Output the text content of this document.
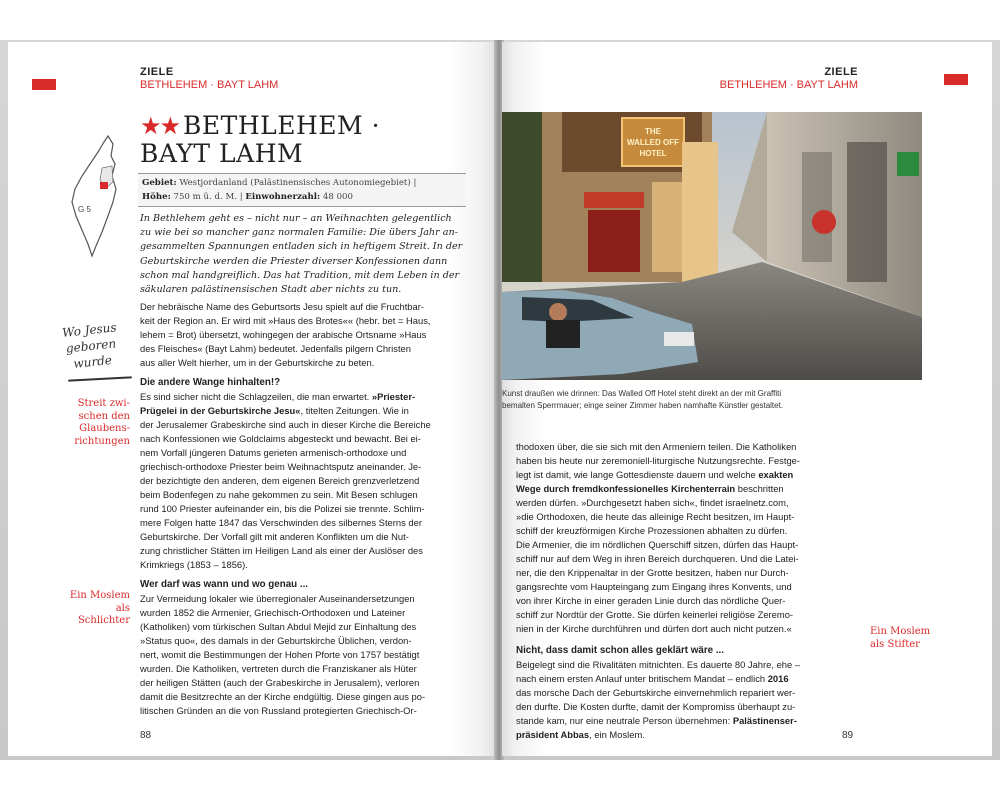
ZIELE
BETHLEHEM · BAYT LAHM
G 5
★★ BETHLEHEM ·
BAYT LAHM
Gebiet: Westjordanland (Palästinensisches Autonomiegebiet) |
Höhe: 750 m ü. d. M. | Einwohnerzahl: 48 000
In Bethlehem geht es – nicht nur – an Weihnachten gelegentlich
zu wie bei so mancher ganz normalen Familie: Die übers Jahr an-
gesammelten Spannungen entladen sich in heftigem Streit. In der
Geburtskirche werden die Priester diverser Konfessionen dann
schon mal handgreiflich. Das hat Tradition, mit dem Leben in der
säkularen palästinensischen Stadt aber nichts zu tun.
Wo Jesus
geboren
wurde

Der hebräische Name des Geburtsorts Jesu spielt auf die Fruchtbar-
keit der Region an. Er wird mit »Haus des Brotes«« (hebr. bet = Haus,
lehem = Brot) übersetzt, wohingegen der arabische Ortsname »Haus
des Fleisches« (Bayt Lahm) bedeutet. Jedenfalls pilgern Christen
aus aller Welt hierher, um in der Geburtskirche zu beten.

Die andere Wange hinhalten!?

Es sind sicher nicht die Schlagzeilen, die man erwartet. »Priester-
Prügelei in der Geburtskirche Jesu«, titelten Zeitungen. Wie in
der Jerusalemer Grabeskirche sind auch in dieser Kirche die Bereiche
nach Konfessionen wie Goldclaims abgesteckt und bewacht. Bei ei-
nem Vorfall jüngeren Datums gerieten armenisch-orthodoxe und
griechisch-orthodoxe Priester beim Weihnachtsputz aneinander. Je-
der bezichtigte den anderen, dem eigenen Bereich grenzverletzend
beim Bodenfegen zu nahe gekommen zu sein. Mit Besen schlugen
rund 100 Priester aufeinander ein, bis die Polizei sie trennte. Schlim-
mere Folgen hatte 1847 das Verschwinden des silbernes Sterns der
Geburtskirche. Der Vorfall gilt mit anderen Konflikten um die Nut-
zung christlicher Stätten im Heiligen Land als einer der Auslöser des
Krimkriegs (1853 – 1856).

Wer darf was wann und wo genau ...

Zur Vermeidung lokaler wie überregionaler Auseinandersetzungen
wurden 1852 die Armenier, Griechisch-Orthodoxen und Lateiner
(Katholiken) vom türkischen Sultan Abdul Mejid zur Einhaltung des
»Status quo«, des damals in der Geburtskirche Üblichen, verdon-
nert, womit die Bestimmungen der Hohen Pforte von 1757 bestätigt
wurden. Die Katholiken, vertreten durch die Franziskaner als Hüter
der heiligen Stätten (auch der Grabeskirche in Jerusalem), verloren
damit die Besitzrechte an der Kirche endgültig. Diese gingen aus po-
litischen Gründen an die von Russland protegierten Griechisch-Or-

Streit zwi-
schen den
Glaubens-
richtungen
Ein Moslem
als
Schlichter
88
ZIELE
BETHLEHEM · BAYT LAHM
THE
WALLED OFF
HOTEL
Kunst draußen wie drinnen: Das Walled Off Hotel steht direkt an der mit Graffiti
bemalten Sperrmauer; einge seiner Zimmer haben namhafte Künstler gestaltet.

thodoxen über, die sie sich mit den Armeniern teilen. Die Katholiken
haben bis heute nur zeremoniell-liturgische Nutzungsrechte. Festge-
legt ist damit, wie lange Gottesdienste dauern und welche exakten
Wege durch fremdkonfessionelles Kirchenterrain beschritten
werden dürfen. »Durchgesetzt haben sich«, findet israelnetz.com,
»die Orthodoxen, die heute das alleinige Recht besitzen, im Haupt-
schiff der kreuzförmigen Kirche Prozessionen abhalten zu dürfen.
Die Armenier, die im nördlichen Querschiff sitzen, dürfen das Haupt-
schiff nur auf dem Weg in ihren Bereich durchqueren. Und die Latei-
ner, die den Krippenaltar in der Grotte besitzen, haben nur Durch-
gangsrechte vom Haupteingang zum Eingang ihres Konvents, und
von ihrer Kirche in einer geraden Linie durch das nördliche Quer-
schiff zur Nordtür der Grotte. Sie dürfen keinerlei religiöse Zeremo-
nien in der Kirche durchführen und dürfen dort auch nicht putzen.«

Nicht, dass damit schon alles geklärt wäre ...

Beigelegt sind die Rivalitäten mitnichten. Es dauerte 80 Jahre, ehe –
nach einem ersten Anlauf unter britischem Mandat – endlich 2016
das morsche Dach der Geburtskirche einvernehmlich repariert wer-
den durfte. Die Kosten durfte, damit der Kompromiss überhaupt zu-
stande kam, nur eine neutrale Person übernehmen: Palästinenser-
präsident Abbas, ein Moslem.

Ein Moslem
als Stifter
89
